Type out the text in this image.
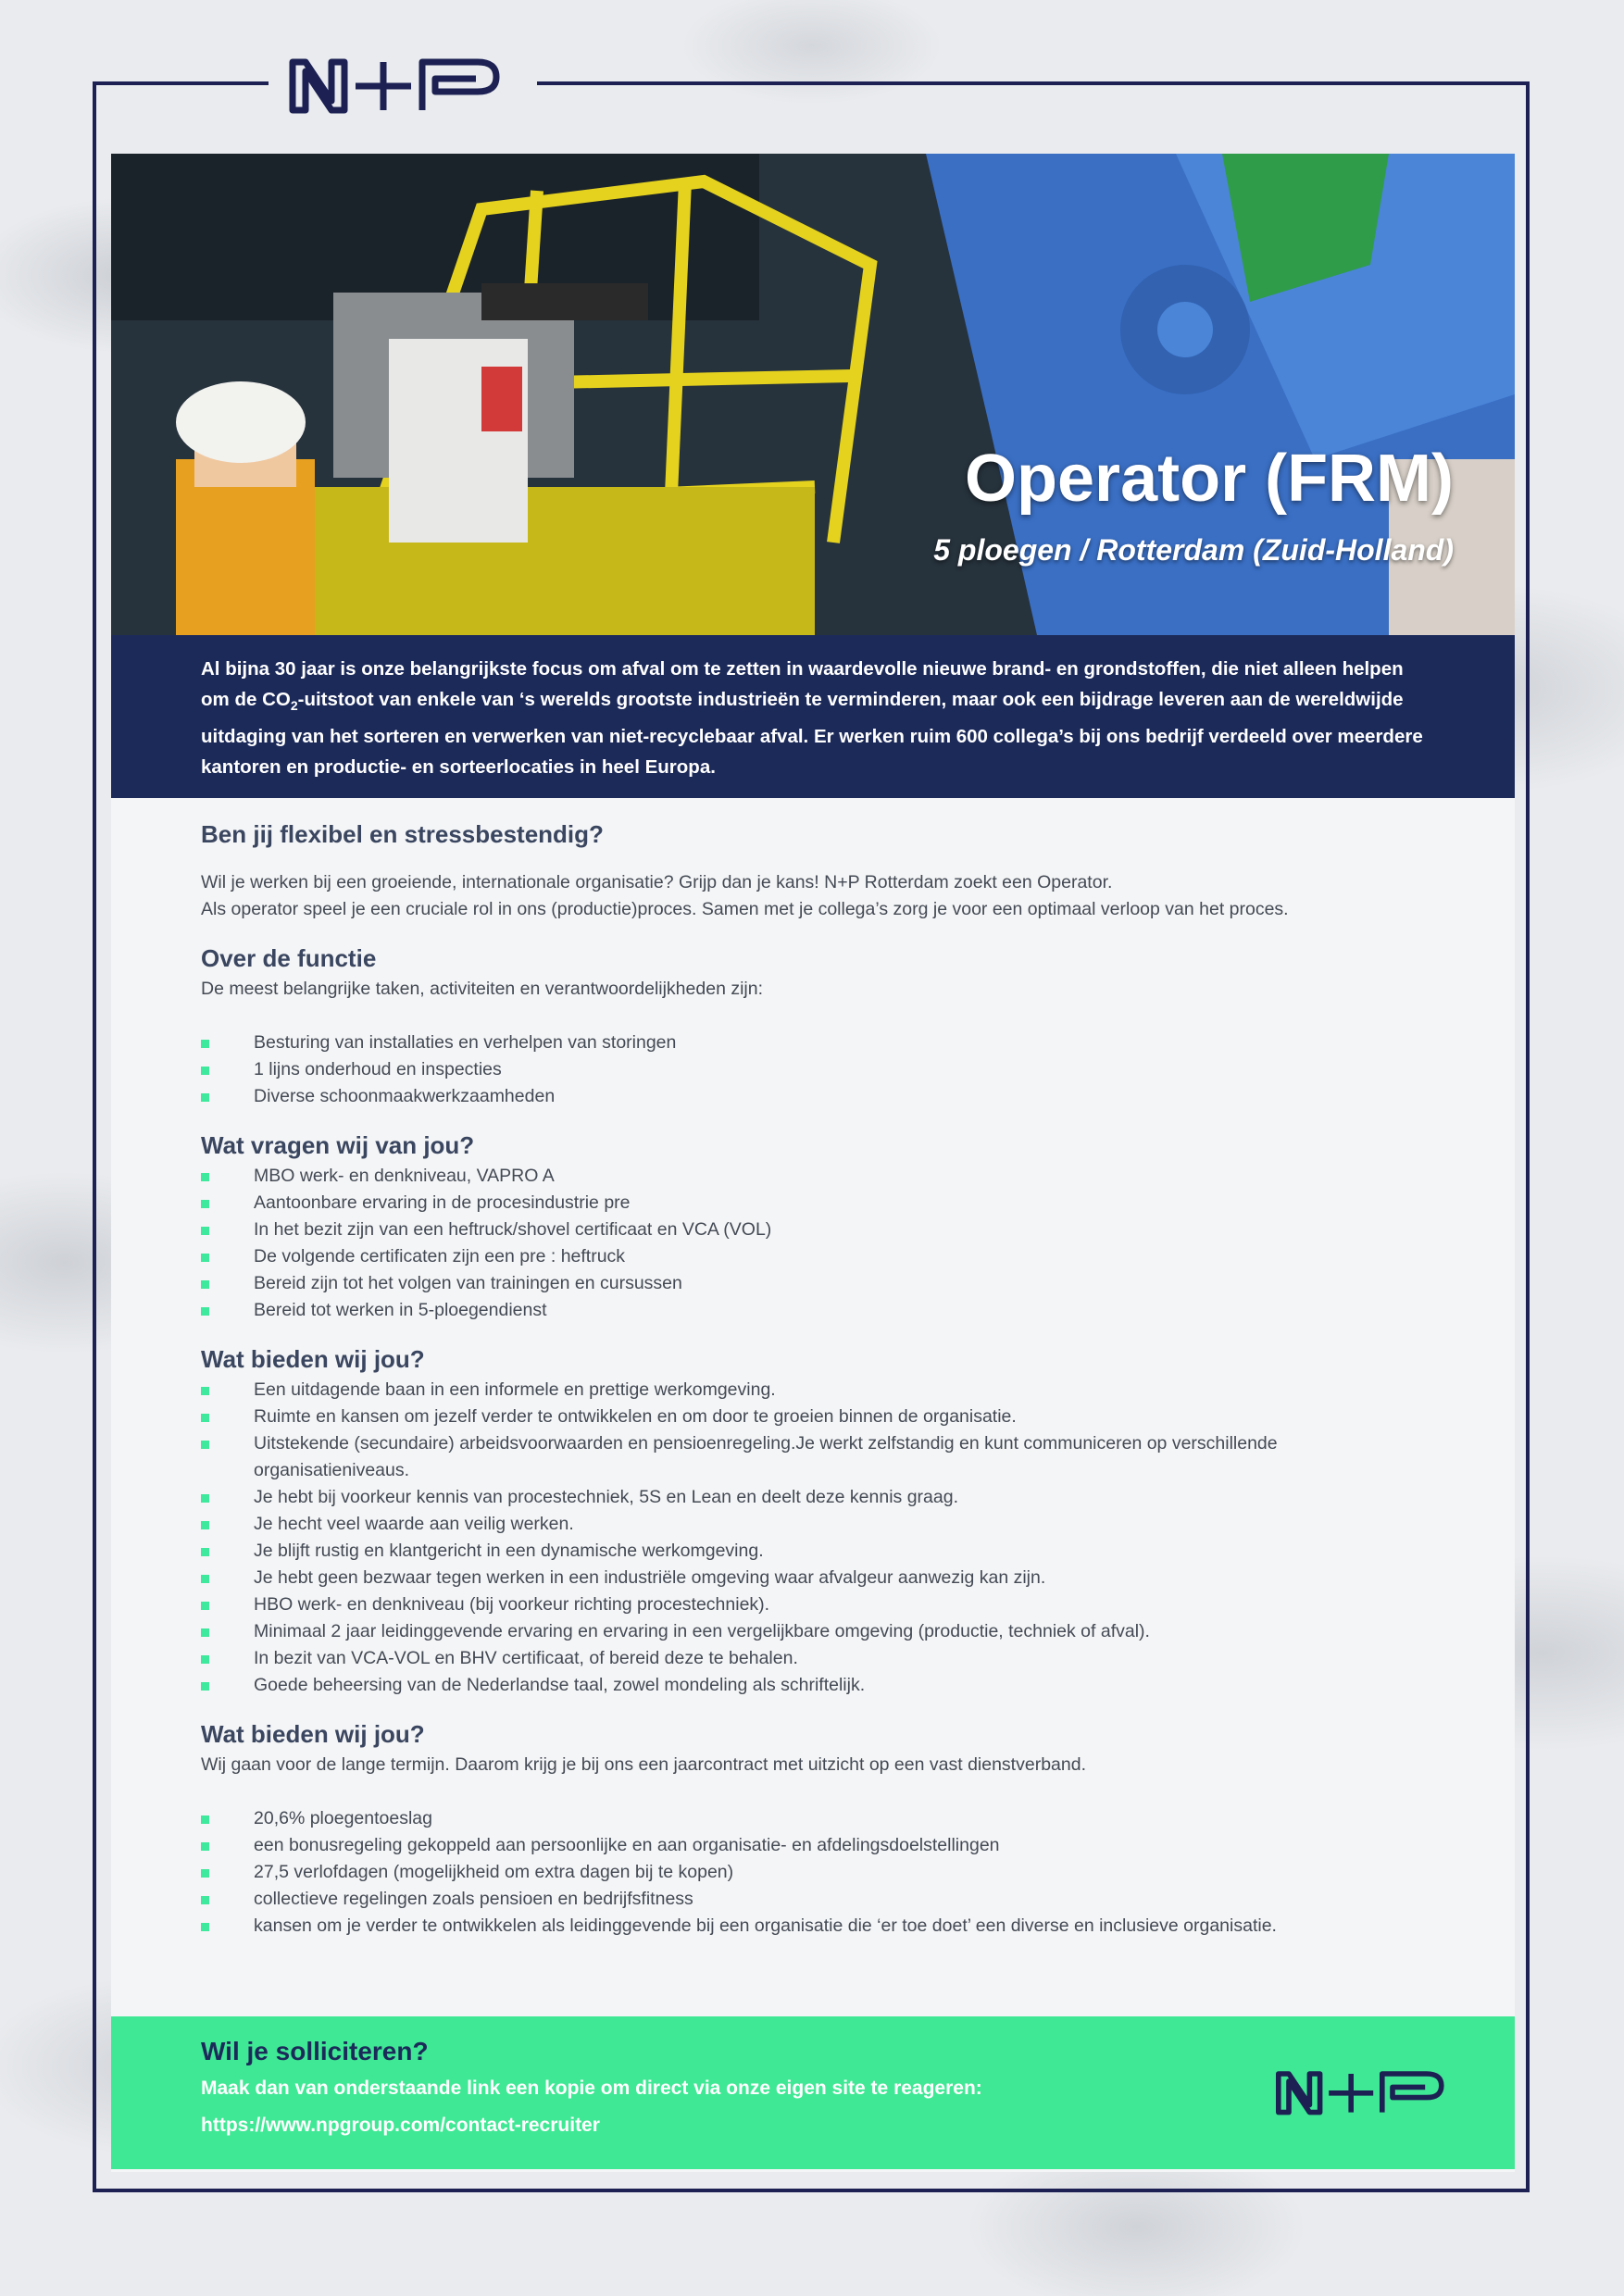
Operator (FRM)

5 ploegen / Rotterdam (Zuid-Holland)

Al bijna 30 jaar is onze belangrijkste focus om afval om te zetten in waardevolle nieuwe brand- en grondstoffen, die niet alleen helpen om de $CO_2$-uitstoot van enkele van ‘s werelds grootste industrieën te verminderen, maar ook een bijdrage leveren aan de wereldwijde uitdaging van het sorteren en verwerken van niet-recyclebaar afval. Er werken ruim 600 collega’s bij ons bedrijf verdeeld over meerdere kantoren en productie- en sorteerlocaties in heel Europa.
Ben jij flexibel en stressbestendig?

Wil je werken bij een groeiende, internationale organisatie? Grijp dan je kans! N+P Rotterdam zoekt een Operator.

Als operator speel je een cruciale rol in ons (productie)proces. Samen met je collega’s zorg je voor een optimaal verloop van het proces.

Over de functie

De meest belangrijke taken, activiteiten en verantwoordelijkheden zijn:

Besturing van installaties en verhelpen van storingen
1 lijns onderhoud en inspecties
Diverse schoonmaakwerkzaamheden
Wat vragen wij van jou?
MBO werk- en denkniveau, VAPRO A
Aantoonbare ervaring in de procesindustrie pre
In het bezit zijn van een heftruck/shovel certificaat en VCA (VOL)
De volgende certificaten zijn een pre : heftruck
Bereid zijn tot het volgen van trainingen en cursussen
Bereid tot werken in 5-ploegendienst
Wat bieden wij jou?
Een uitdagende baan in een informele en prettige werkomgeving.
Ruimte en kansen om jezelf verder te ontwikkelen en om door te groeien binnen de organisatie.
Uitstekende (secundaire) arbeidsvoorwaarden en pensioenregeling.Je werkt zelfstandig en kunt communiceren op verschillende organisatieniveaus.
Je hebt bij voorkeur kennis van procestechniek, 5S en Lean en deelt deze kennis graag.
Je hecht veel waarde aan veilig werken.
Je blijft rustig en klantgericht in een dynamische werkomgeving.
Je hebt geen bezwaar tegen werken in een industriële omgeving waar afvalgeur aanwezig kan zijn.
HBO werk- en denkniveau (bij voorkeur richting procestechniek).
Minimaal 2 jaar leidinggevende ervaring en ervaring in een vergelijkbare omgeving (productie, techniek of afval).
In bezit van VCA-VOL en BHV certificaat, of bereid deze te behalen.
Goede beheersing van de Nederlandse taal, zowel mondeling als schriftelijk.
Wat bieden wij jou?

Wij gaan voor de lange termijn. Daarom krijg je bij ons een jaarcontract met uitzicht op een vast dienstverband.

20,6% ploegentoeslag
een bonusregeling gekoppeld aan persoonlijke en aan organisatie- en afdelingsdoelstellingen
27,5 verlofdagen (mogelijkheid om extra dagen bij te kopen)
collectieve regelingen zoals pensioen en bedrijfsfitness
kansen om je verder te ontwikkelen als leidinggevende bij een organisatie die ‘er toe doet’ een diverse en inclusieve organisatie.

Wil je solliciteren?

Maak dan van onderstaande link een kopie om direct via onze eigen site te reageren:

https://www.npgroup.com/contact-recruiter
